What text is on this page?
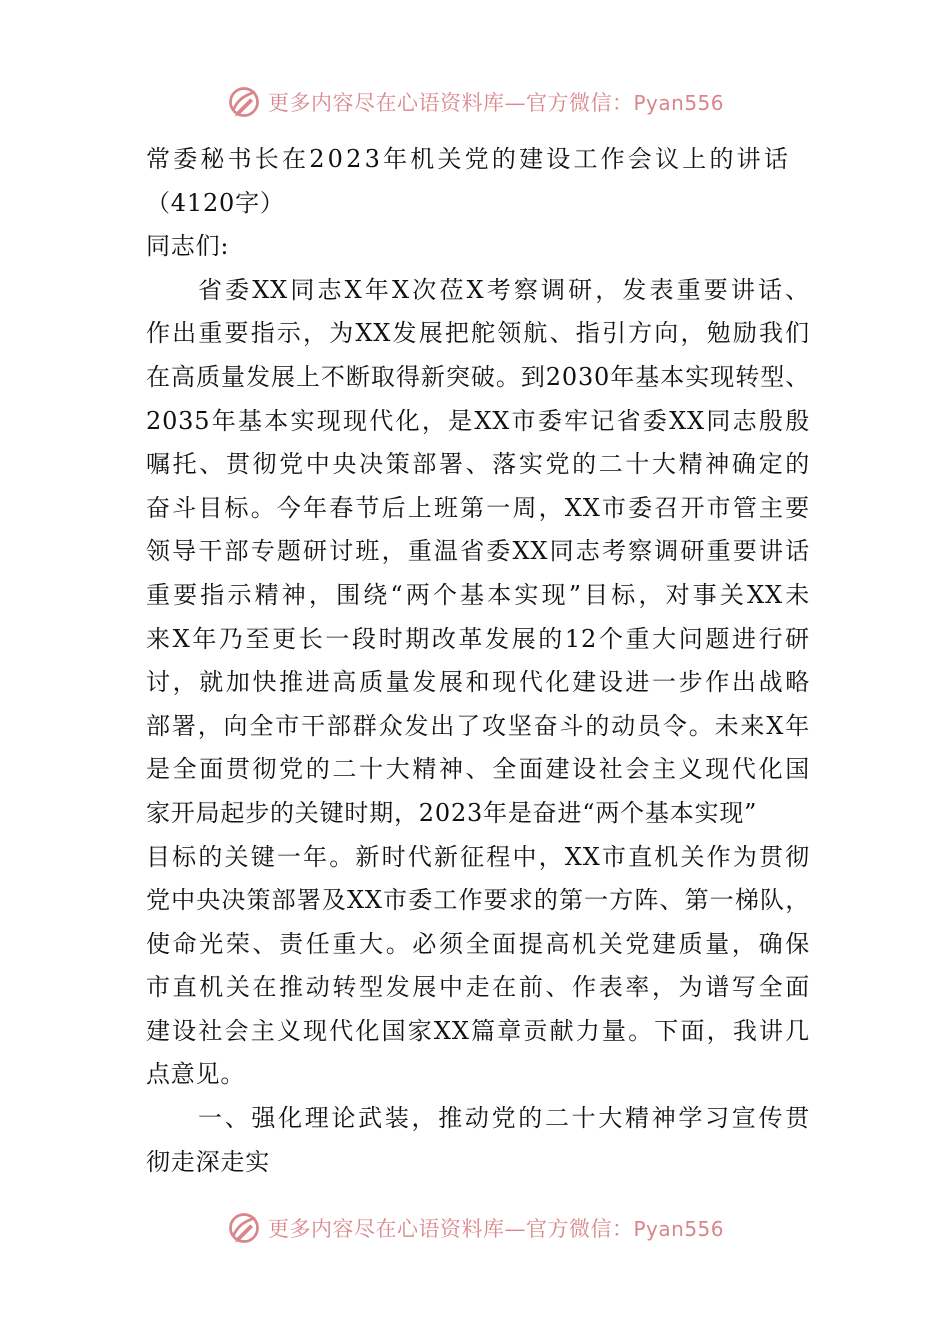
更多内容尽在心语资料库—官方微信：Pyan556
常委秘书长在2023年机关党的建设工作会议上的讲话
（4120字）
同志们:
省委XX同志X年X次莅X考察调研，发表重要讲话、
作出重要指示，为XX发展把舵领航、指引方向，勉励我们
在高质量发展上不断取得新突破。到2030年基本实现转型、
2035年基本实现现代化，是XX市委牢记省委XX同志殷殷
嘱托、贯彻党中央决策部署、落实党的二十大精神确定的
奋斗目标。今年春节后上班第一周，XX市委召开市管主要
领导干部专题研讨班，重温省委XX同志考察调研重要讲话
重要指示精神，围绕“两个基本实现”目标，对事关XX未
来X年乃至更长一段时期改革发展的12个重大问题进行研
讨，就加快推进高质量发展和现代化建设进一步作出战略
部署，向全市干部群众发出了攻坚奋斗的动员令。未来X年
是全面贯彻党的二十大精神、全面建设社会主义现代化国
家开局起步的关键时期，2023年是奋进“两个基本实现”
目标的关键一年。新时代新征程中，XX市直机关作为贯彻
党中央决策部署及XX市委工作要求的第一方阵、第一梯队，
使命光荣、责任重大。必须全面提高机关党建质量，确保
市直机关在推动转型发展中走在前、作表率，为谱写全面
建设社会主义现代化国家XX篇章贡献力量。下面，我讲几
点意见。
一、强化理论武装，推动党的二十大精神学习宣传贯
彻走深走实
更多内容尽在心语资料库—官方微信：Pyan556
